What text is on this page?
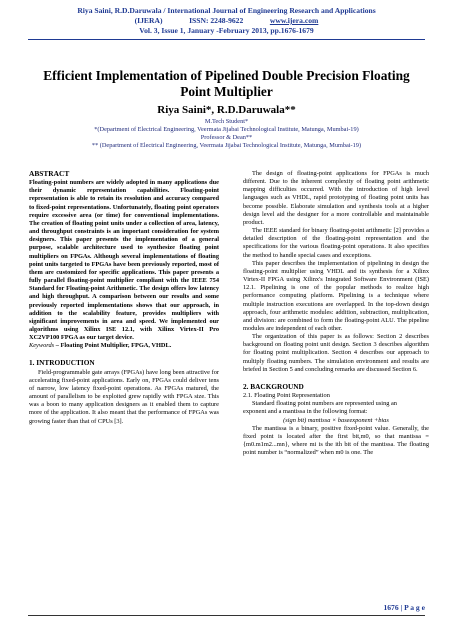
Riya Saini, R.D.Daruwala / International Journal of Engineering Research and Applications
(IJERA)	ISSN: 2248-9622	www.ijera.com
Vol. 3, Issue 1, January -February 2013, pp.1676-1679
Efficient Implementation of Pipelined Double Precision Floating Point Multiplier
Riya Saini*, R.D.Daruwala**
M.Tech Student*
*(Department of Electrical Engineering, Veermata Jijabai Technological Institute, Matunga, Mumbai-19)
Professor & Dean**
** (Department of Electrical Engineering, Veermata Jijabai Technological Institute, Matunga, Mumbai-19)
ABSTRACT

Floating-point numbers are widely adopted in many applications due their dynamic representation capabilities. Floating-point representation is able to retain its resolution and accuracy compared to fixed-point representations. Unfortunately, floating point operators require excessive area (or time) for conventional implementations. The creation of floating point units under a collection of area, latency, and throughput constraints is an important consideration for system designers. This paper presents the implementation of a general purpose, scalable architecture used to synthesize floating point multipliers on FPGAs. Although several implementations of floating point units targeted to FPGAs have been previously reported, most of them are customized for specific applications. This paper presents a fully parallel floating-point multiplier compliant with the IEEE 754 Standard for Floating-point Arithmetic. The design offers low latency and high throughput. A comparison between our results and some previously reported implementations shows that our approach, in addition to the scalability feature, provides multipliers with significant improvements in area and speed. We implemented our algorithms using Xilinx ISE 12.1, with Xilinx Virtex-II Pro XC2VP100 FPGA as our target device.

Keywords – Floating Point Multiplier, FPGA, VHDL.

1. INTRODUCTION

Field-programmable gate arrays (FPGAs) have long been attractive for accelerating fixed-point applications. Early on, FPGAs could deliver tens of narrow, low latency fixed-point operations. As FPGAs matured, the amount of parallelism to be exploited grew rapidly with FPGA size. This was a boon to many application designers as it enabled them to capture more of the application. It also meant that the performance of FPGAs was growing faster than that of CPUs [3].

The design of floating-point applications for FPGAs is much different. Due to the inherent complexity of floating point arithmetic mapping difficulties occurred. With the introduction of high level languages such as VHDL, rapid prototyping of floating point units has become possible. Elaborate simulation and synthesis tools at a higher design level aid the designer for a more controllable and maintainable product.

The IEEE standard for binary floating-point arithmetic [2] provides a detailed description of the floating-point representation and the specifications for the various floating-point operations. It also specifies the method to handle special cases and exceptions.

This paper describes the implementation of pipelining in design the floating-point multiplier using VHDL and its synthesis for a Xilinx Virtex-II FPGA using Xilinx's Integrated Software Environment (ISE) 12.1. Pipelining is one of the popular methods to realize high performance computing platform. Pipelining is a technique where multiple instruction executions are overlapped. In the top-down design approach, four arithmetic modules: addition, subtraction, multiplication, and division: are combined to form the floating-point ALU. The pipeline modules are independent of each other.

The organization of this paper is as follows: Section 2 describes background on floating point unit design. Section 3 describes algorithm for floating point multiplication. Section 4 describes our approach to multiply floating numbers. The simulation environment and results are briefed in Section 5 and concluding remarks are discussed Section 6.

2. BACKGROUND

2.1. Floating Point Representation

Standard floating point numbers are represented using an

exponent and a mantissa in the following format:

(sign bit) mantissa × baseexponent +bias

The mantissa is a binary, positive fixed-point value. Generally, the fixed point is located after the first bit,m0, so that mantissa = {m0.m1m2...mn}, where mi is the ith bit of the mantissa. The floating point number is “normalized” when m0 is one. The

1676 | P a g e
